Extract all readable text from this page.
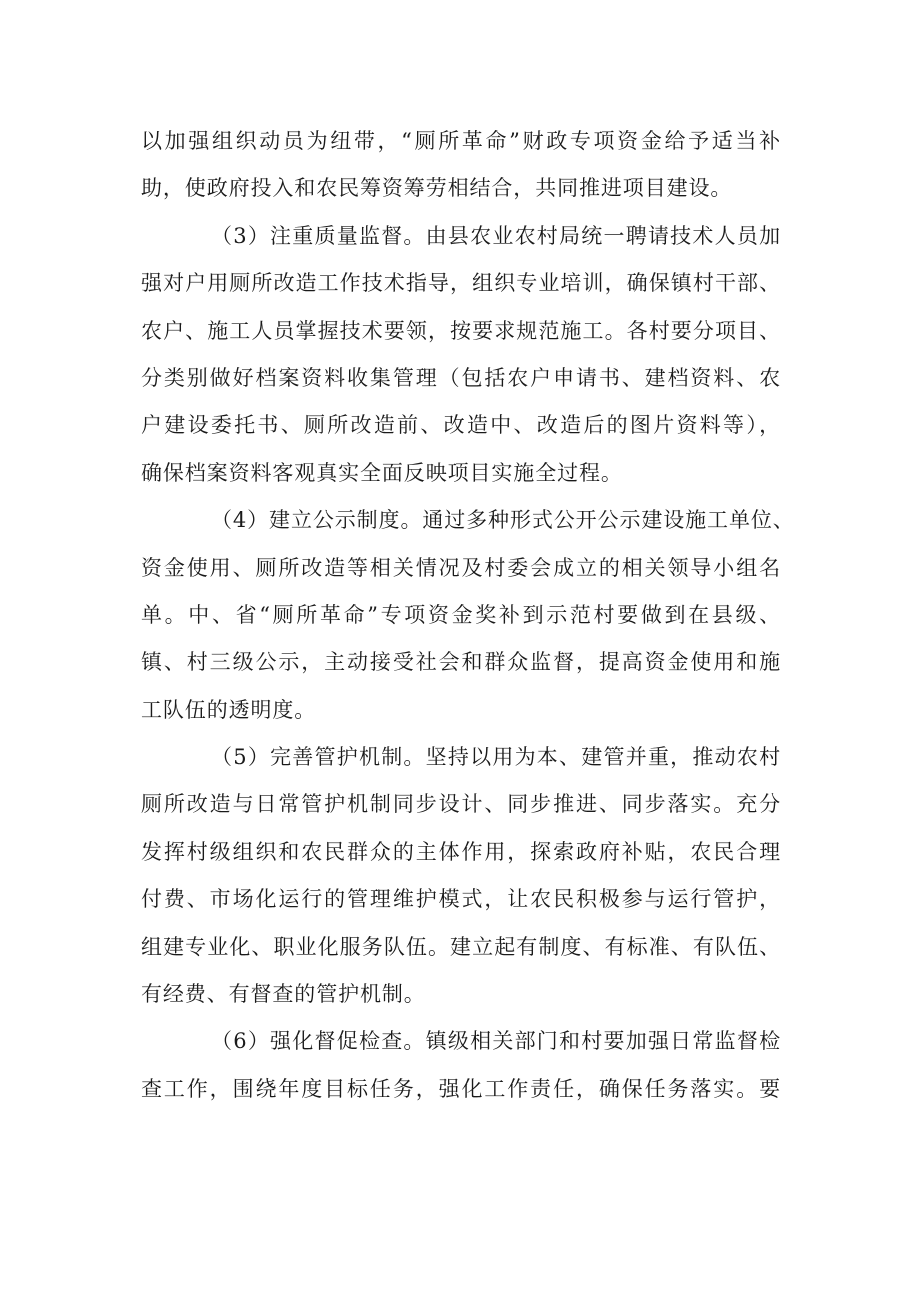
以加强组织动员为纽带，“厕所革命”财政专项资金给予适当补
助，使政府投入和农民筹资筹劳相结合，共同推进项目建设。
（3）注重质量监督。由县农业农村局统一聘请技术人员加
强对户用厕所改造工作技术指导，组织专业培训，确保镇村干部、
农户、施工人员掌握技术要领，按要求规范施工。各村要分项目、
分类别做好档案资料收集管理（包括农户申请书、建档资料、农
户建设委托书、厕所改造前、改造中、改造后的图片资料等），
确保档案资料客观真实全面反映项目实施全过程。
（4）建立公示制度。通过多种形式公开公示建设施工单位、
资金使用、厕所改造等相关情况及村委会成立的相关领导小组名
单。中、省“厕所革命”专项资金奖补到示范村要做到在县级、
镇、村三级公示，主动接受社会和群众监督，提高资金使用和施
工队伍的透明度。
（5）完善管护机制。坚持以用为本、建管并重，推动农村
厕所改造与日常管护机制同步设计、同步推进、同步落实。充分
发挥村级组织和农民群众的主体作用，探索政府补贴，农民合理
付费、市场化运行的管理维护模式，让农民积极参与运行管护，
组建专业化、职业化服务队伍。建立起有制度、有标准、有队伍、
有经费、有督查的管护机制。
（6）强化督促检查。镇级相关部门和村要加强日常监督检
查工作，围绕年度目标任务，强化工作责任，确保任务落实。要
